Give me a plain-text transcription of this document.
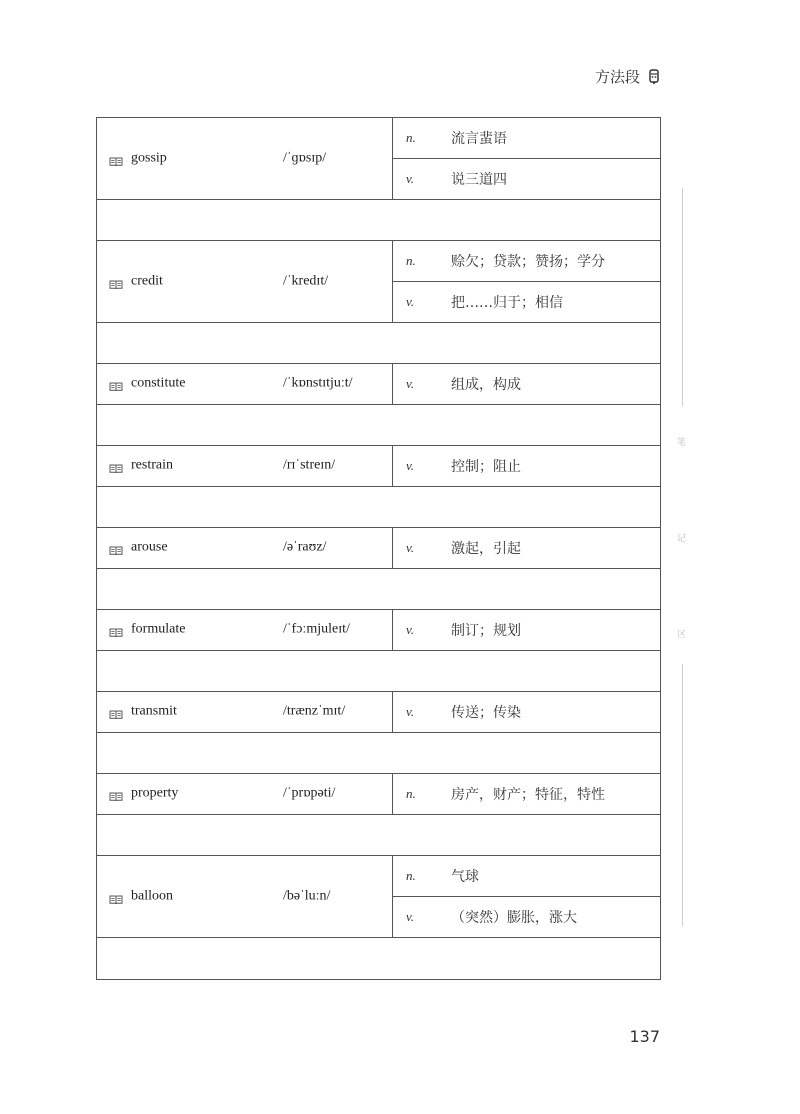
方法段
gossip	/ˈɡɒsɪp/
n.	流言蜚语
v.	说三道四
credit	/ˈkredɪt/
n.	赊欠；贷款；赞扬；学分
v.	把……归于；相信
constitute	/ˈkɒnstɪtjuːt/	v.	组成，构成
restrain	/rɪˈstreɪn/	v.	控制；阻止
arouse	/əˈraʊz/	v.	激起，引起
formulate	/ˈfɔːmjuleɪt/	v.	制订；规划
transmit	/trænzˈmɪt/	v.	传送；传染
property	/ˈprɒpəti/	n.	房产，财产；特征，特性
balloon	/bəˈluːn/
n.	气球
v.	（突然）膨胀，涨大
笔
记
区
137
